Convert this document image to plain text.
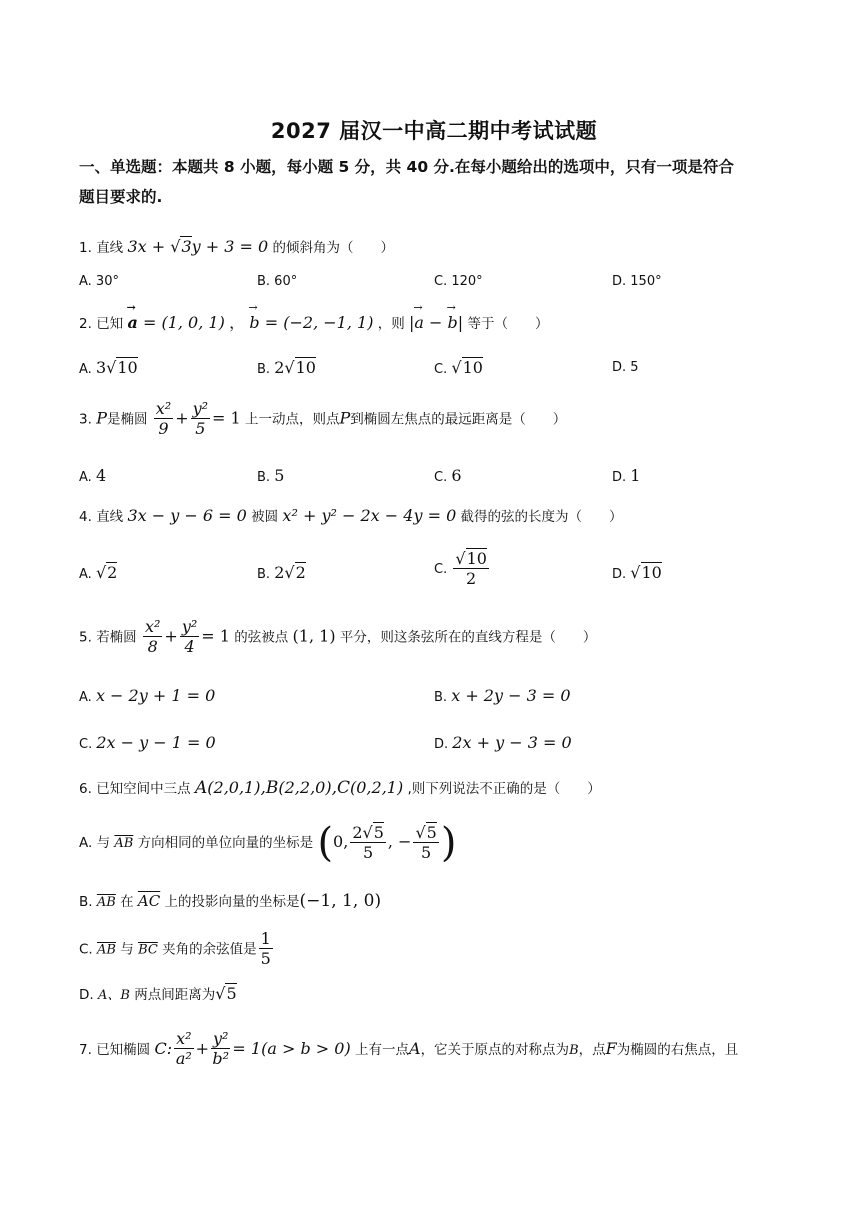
2027 届汉一中高二期中考试试题
一、单选题：本题共 8 小题，每小题 5 分，共 40 分.在每小题给出的选项中，只有一项是符合
题目要求的.
1. 直线 3x + √3y + 3 = 0 的倾斜角为（　　）
A. 30°	B. 60°	C. 120°	D. 150°
2. 已知 → a = (1, 0, 1) ， → b = (−2, −1, 1) ，则 |→ a − → b| 等于（　　）
A. 3√10	B. 2√10	C. √10	D. 5
3. P是椭圆 $\frac{\text{x²}}{9} + \frac{\text{y²}}{5} = 1$ 上一动点，则点P到椭圆左焦点的最远距离是（　　）
A. 4	B. 5	C. 6	D. 1
4. 直线 3x − y − 6 = 0 被圆 x² + y² − 2x − 4y = 0 截得的弦的长度为（　　）
A. √2	B. 2√2	C. $\frac{√10}{2}$	D. √10
5. 若椭圆 $\frac{\text{x²}}{8} + \frac{\text{y²}}{4} = 1$ 的弦被点 (1, 1) 平分，则这条弦所在的直线方程是（　　）
A. x − 2y + 1 = 0	B. x + 2y − 3 = 0
C. 2x − y − 1 = 0	D. 2x + y − 3 = 0
6. 已知空间中三点 A(2,0,1),B(2,2,0),C(0,2,1) ,则下列说法不正确的是（　　）
A. 与 $\overline{AB}$ 方向相同的单位向量的坐标是 (0, $\frac{2√5}{5}$ , − $\frac{√5}{5}$ )
B. $\overline{AB}$ 在 $\overline{AC}$ 上的投影向量的坐标是(−1, 1, 0)
C. $\overline{AB}$ 与 $\overline{BC}$ 夹角的余弦值是 $\frac{1}{5}$
D. A、B 两点间距离为√5
7. 已知椭圆 C: $\frac{\text{x²}}{\text{a²}} + \frac{\text{y²}}{\text{b²}} = 1(a > b > 0)$ 上有一点A，它关于原点的对称点为B，点F为椭圆的右焦点，且
